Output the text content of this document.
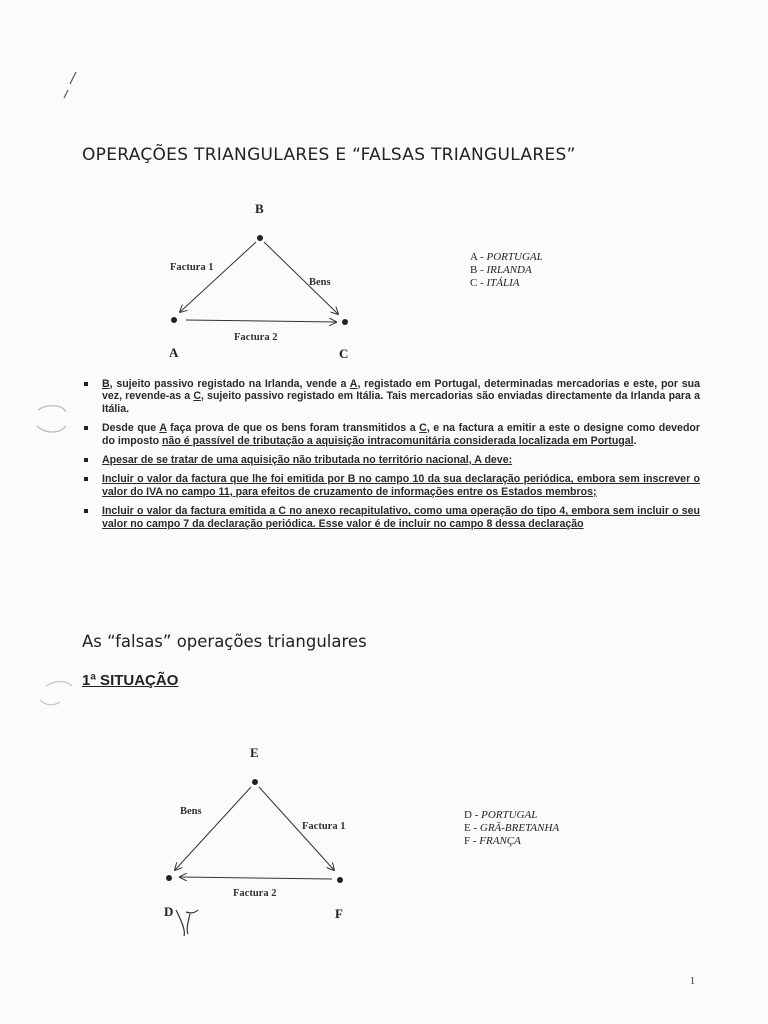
OPERAÇÕES TRIANGULARES E “FALSAS TRIANGULARES”
B
A	C
Factura 1
Bens
Factura 2
A - PORTUGAL
B - IRLANDA
C - ITÁLIA
B, sujeito passivo registado na Irlanda, vende a A, registado em Portugal, determinadas mercadorias e este, por sua vez, revende-as a C, sujeito passivo registado em Itália. Tais mercadorias são enviadas directamente da Irlanda para a Itália.
Desde que A faça prova de que os bens foram transmitidos a C, e na factura a emitir a este o designe como devedor do imposto não é passível de tributação a aquisição intracomunitária considerada localizada em Portugal.
Apesar de se tratar de uma aquisição não tributada no território nacional, A deve:
Incluir o valor da factura que lhe foi emitida por B no campo 10 da sua declaração periódica, embora sem inscrever o valor do IVA no campo 11, para efeitos de cruzamento de informações entre os Estados membros;
Incluir o valor da factura emitida a C no anexo recapitulativo, como uma operação do tipo 4, embora sem incluir o seu valor no campo 7 da declaração periódica. Esse valor é de incluir no campo 8 dessa declaração
As “falsas” operações triangulares
1ª SITUAÇÃO
E
D	F
Bens
Factura 1
Factura 2
D - PORTUGAL
E - GRÃ-BRETANHA
F - FRANÇA
1
